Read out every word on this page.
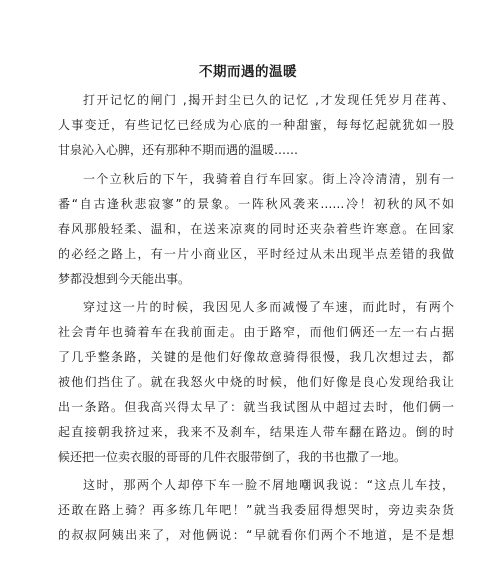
不期而遇的温暖
打开记忆的闸门 ,揭开封尘已久的记忆 ,才发现任凭岁月荏苒、
人事变迁，有些记忆已经成为心底的一种甜蜜，每每忆起就犹如一股
甘泉沁入心脾，还有那种不期而遇的温暖……
一个立秋后的下午，我骑着自行车回家。街上冷冷清清，别有一
番“自古逢秋悲寂寥”的景象。一阵秋风袭来……冷！初秋的风不如
春风那般轻柔、温和，在送来凉爽的同时还夹杂着些许寒意。在回家
的必经之路上，有一片小商业区，平时经过从未出现半点差错的我做
梦都没想到今天能出事。
穿过这一片的时候，我因见人多而减慢了车速，而此时，有两个
社会青年也骑着车在我前面走。由于路窄，而他们俩还一左一右占据
了几乎整条路，关键的是他们好像故意骑得很慢，我几次想过去，都
被他们挡住了。就在我怒火中烧的时候，他们好像是良心发现给我让
出一条路。但我高兴得太早了：就当我试图从中超过去时，他们俩一
起直接朝我挤过来，我来不及刹车，结果连人带车翻在路边。倒的时
候还把一位卖衣服的哥哥的几件衣服带倒了，我的书也撒了一地。
这时，那两个人却停下车一脸不屑地嘲讽我说：“这点儿车技，
还敢在路上骑？再多练几年吧！”就当我委屈得想哭时，旁边卖杂货
的叔叔阿姨出来了，对他俩说：“早就看你们两个不地道，是不是想
